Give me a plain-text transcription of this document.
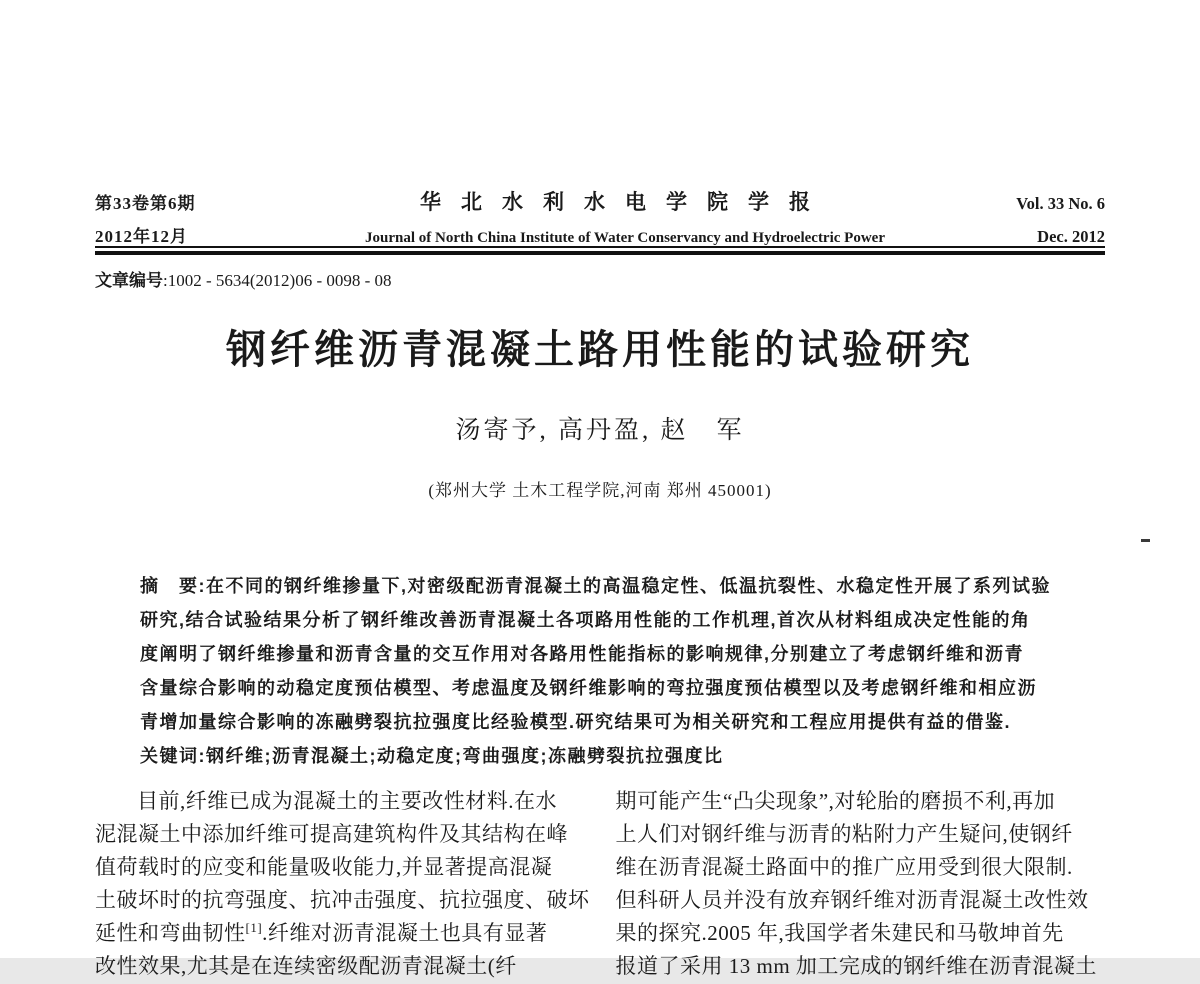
第33卷第6期	华北水利水电学院学报	Vol. 33 No. 6
2012年12月	Journal of North China Institute of Water Conservancy and Hydroelectric Power	Dec. 2012
文章编号:1002 - 5634(2012)06 - 0098 - 08
钢纤维沥青混凝土路用性能的试验研究
汤寄予, 高丹盈, 赵　军
(郑州大学 土木工程学院,河南 郑州 450001)
摘　要:在不同的钢纤维掺量下,对密级配沥青混凝土的高温稳定性、低温抗裂性、水稳定性开展了系列试验
研究,结合试验结果分析了钢纤维改善沥青混凝土各项路用性能的工作机理,首次从材料组成决定性能的角
度阐明了钢纤维掺量和沥青含量的交互作用对各路用性能指标的影响规律,分别建立了考虑钢纤维和沥青
含量综合影响的动稳定度预估模型、考虑温度及钢纤维影响的弯拉强度预估模型以及考虑钢纤维和相应沥
青增加量综合影响的冻融劈裂抗拉强度比经验模型.研究结果可为相关研究和工程应用提供有益的借鉴.
关键词:钢纤维;沥青混凝土;动稳定度;弯曲强度;冻融劈裂抗拉强度比
目前,纤维已成为混凝土的主要改性材料.在水
泥混凝土中添加纤维可提高建筑构件及其结构在峰
值荷载时的应变和能量吸收能力,并显著提高混凝
土破坏时的抗弯强度、抗冲击强度、抗拉强度、破坏
延性和弯曲韧性[1].纤维对沥青混凝土也具有显著
改性效果,尤其是在连续密级配沥青混凝土(纤
期可能产生“凸尖现象”,对轮胎的磨损不利,再加
上人们对钢纤维与沥青的粘附力产生疑问,使钢纤
维在沥青混凝土路面中的推广应用受到很大限制.
但科研人员并没有放弃钢纤维对沥青混凝土改性效
果的探究.2005 年,我国学者朱建民和马敬坤首先
报道了采用 13 mm 加工完成的钢纤维在沥青混凝土
